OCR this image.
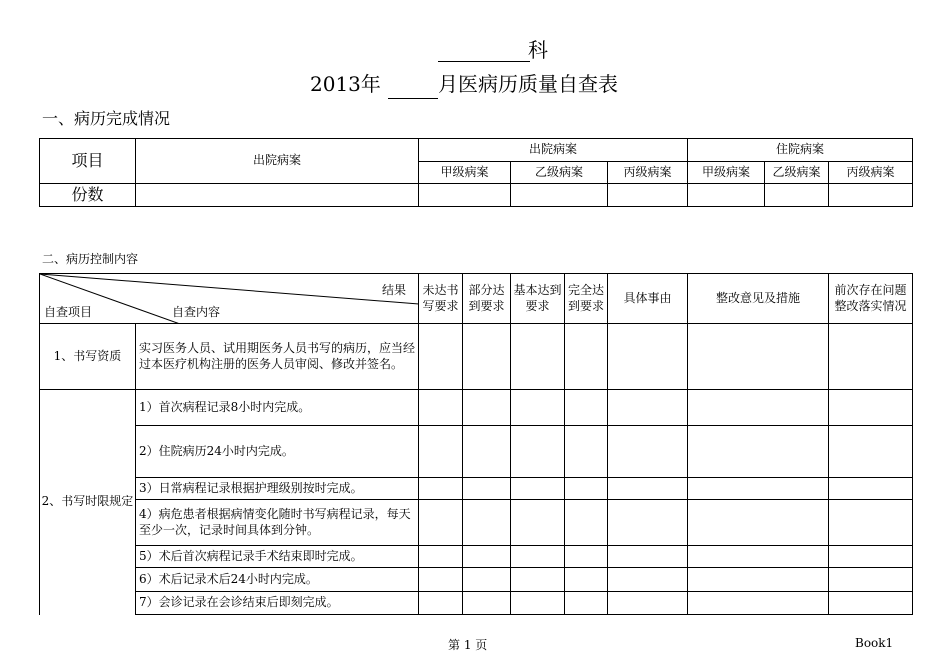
科
2013年	月医病历质量自查表
一、病历完成情况
项目	出院病案	出院病案			住院病案		
		甲级病案	乙级病案	丙级病案	甲级病案	乙级病案	丙级病案
份数							
二、病历控制内容
结果
自查内容
自查项目		未达书写要求	部分达到要求	基本达到要求	完全达到要求	具体事由	整改意见及措施	前次存在问题整改落实情况
1、书写资质	实习医务人员、试用期医务人员书写的病历，应当经过本医疗机构注册的医务人员审阅、修改并签名。							
2、书写时限规定	1）首次病程记录8小时内完成。							
	2）住院病历24小时内完成。							
	3）日常病程记录根据护理级别按时完成。							
	4）病危患者根据病情变化随时书写病程记录，每天至少一次，记录时间具体到分钟。							
	5）术后首次病程记录手术结束即时完成。							
	6）术后记录术后24小时内完成。							
	7）会诊记录在会诊结束后即刻完成。							
第 1 页	Book1
